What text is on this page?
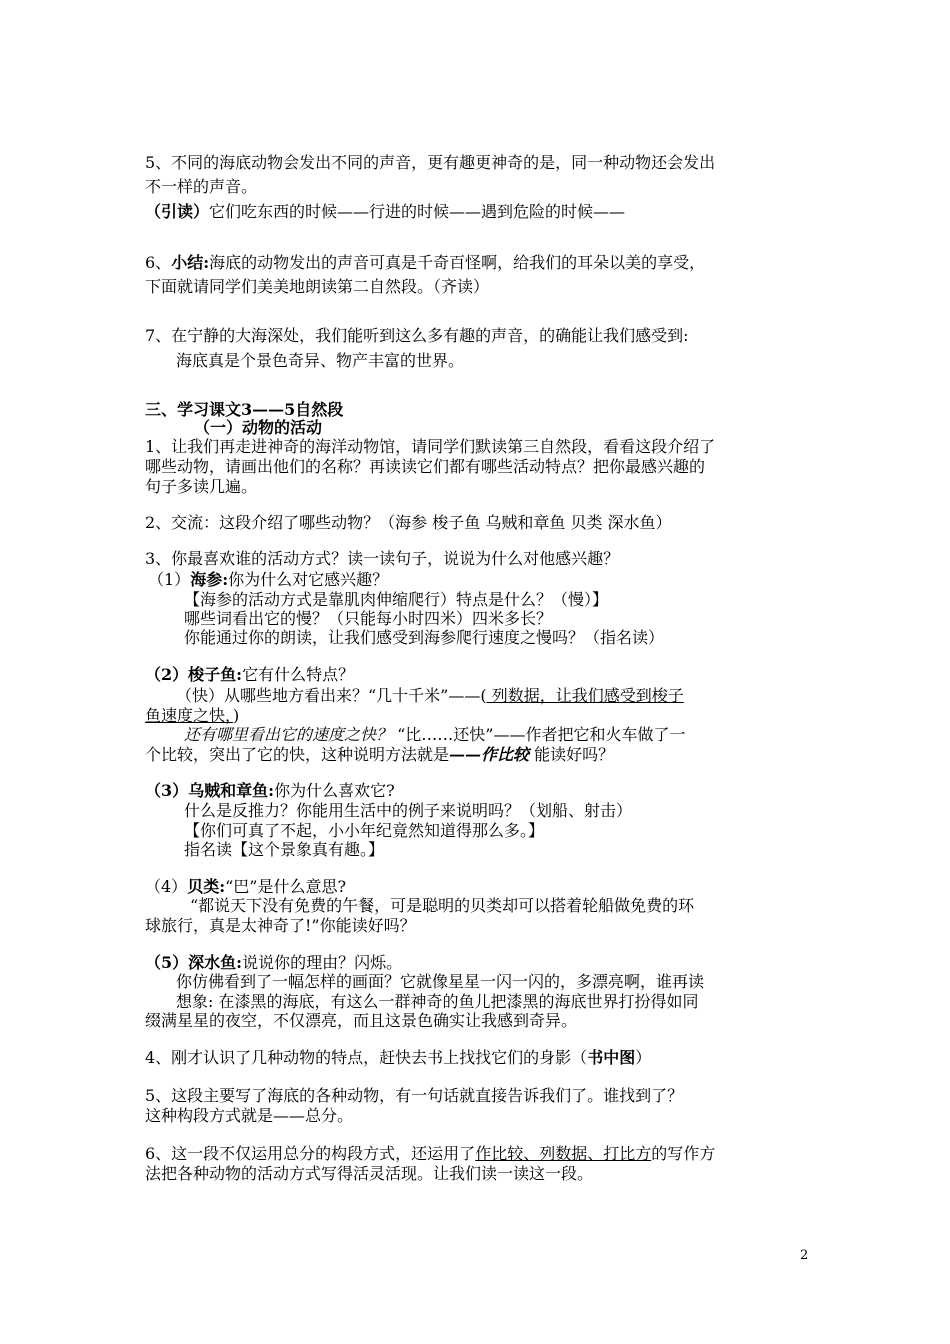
5、不同的海底动物会发出不同的声音，更有趣更神奇的是，同一种动物还会发出
不一样的声音。
（引读）它们吃东西的时候——行进的时候——遇到危险的时候——
6、小结:海底的动物发出的声音可真是千奇百怪啊，给我们的耳朵以美的享受，
下面就请同学们美美地朗读第二自然段。（齐读）
7、在宁静的大海深处，我们能听到这么多有趣的声音，的确能让我们感受到:
海底真是个景色奇异、物产丰富的世界。
三、学习课文3——5自然段
（一）动物的活动
1、让我们再走进神奇的海洋动物馆，请同学们默读第三自然段，看看这段介绍了
哪些动物，请画出他们的名称？再读读它们都有哪些活动特点？把你最感兴趣的
句子多读几遍。
2、交流：这段介绍了哪些动物？（海参 梭子鱼 乌贼和章鱼 贝类 深水鱼）
3、你最喜欢谁的活动方式？读一读句子，说说为什么对他感兴趣？
（1）海参:你为什么对它感兴趣？
【海参的活动方式是靠肌肉伸缩爬行）特点是什么？（慢）】
哪些词看出它的慢？（只能每小时四米）四米多长？
你能通过你的朗读，让我们感受到海参爬行速度之慢吗？（指名读）
（2）梭子鱼:它有什么特点？
（快）从哪些地方看出来？“几十千米”——( 列数据，让我们感受到梭子
鱼速度之快，)
还有哪里看出它的速度之快？ “比……还快”——作者把它和火车做了一
个比较，突出了它的快，这种说明方法就是——作比较 能读好吗？
（3）乌贼和章鱼:你为什么喜欢它?
什么是反推力？你能用生活中的例子来说明吗？（划船、射击）
【你们可真了不起，小小年纪竟然知道得那么多。】
指名读【这个景象真有趣。】
（4）贝类:“巴”是什么意思?
“都说天下没有免费的午餐，可是聪明的贝类却可以搭着轮船做免费的环
球旅行，真是太神奇了!”你能读好吗？
（5）深水鱼:说说你的理由？闪烁。
你仿佛看到了一幅怎样的画面？它就像星星一闪一闪的，多漂亮啊，谁再读
想象: 在漆黑的海底，有这么一群神奇的鱼儿把漆黑的海底世界打扮得如同
缀满星星的夜空，不仅漂亮，而且这景色确实让我感到奇异。
4、刚才认识了几种动物的特点，赶快去书上找找它们的身影（书中图）
5、这段主要写了海底的各种动物，有一句话就直接告诉我们了。谁找到了？
这种构段方式就是——总分。
6、这一段不仅运用总分的构段方式，还运用了作比较、列数据、打比方的写作方
法把各种动物的活动方式写得活灵活现。让我们读一读这一段。
2
